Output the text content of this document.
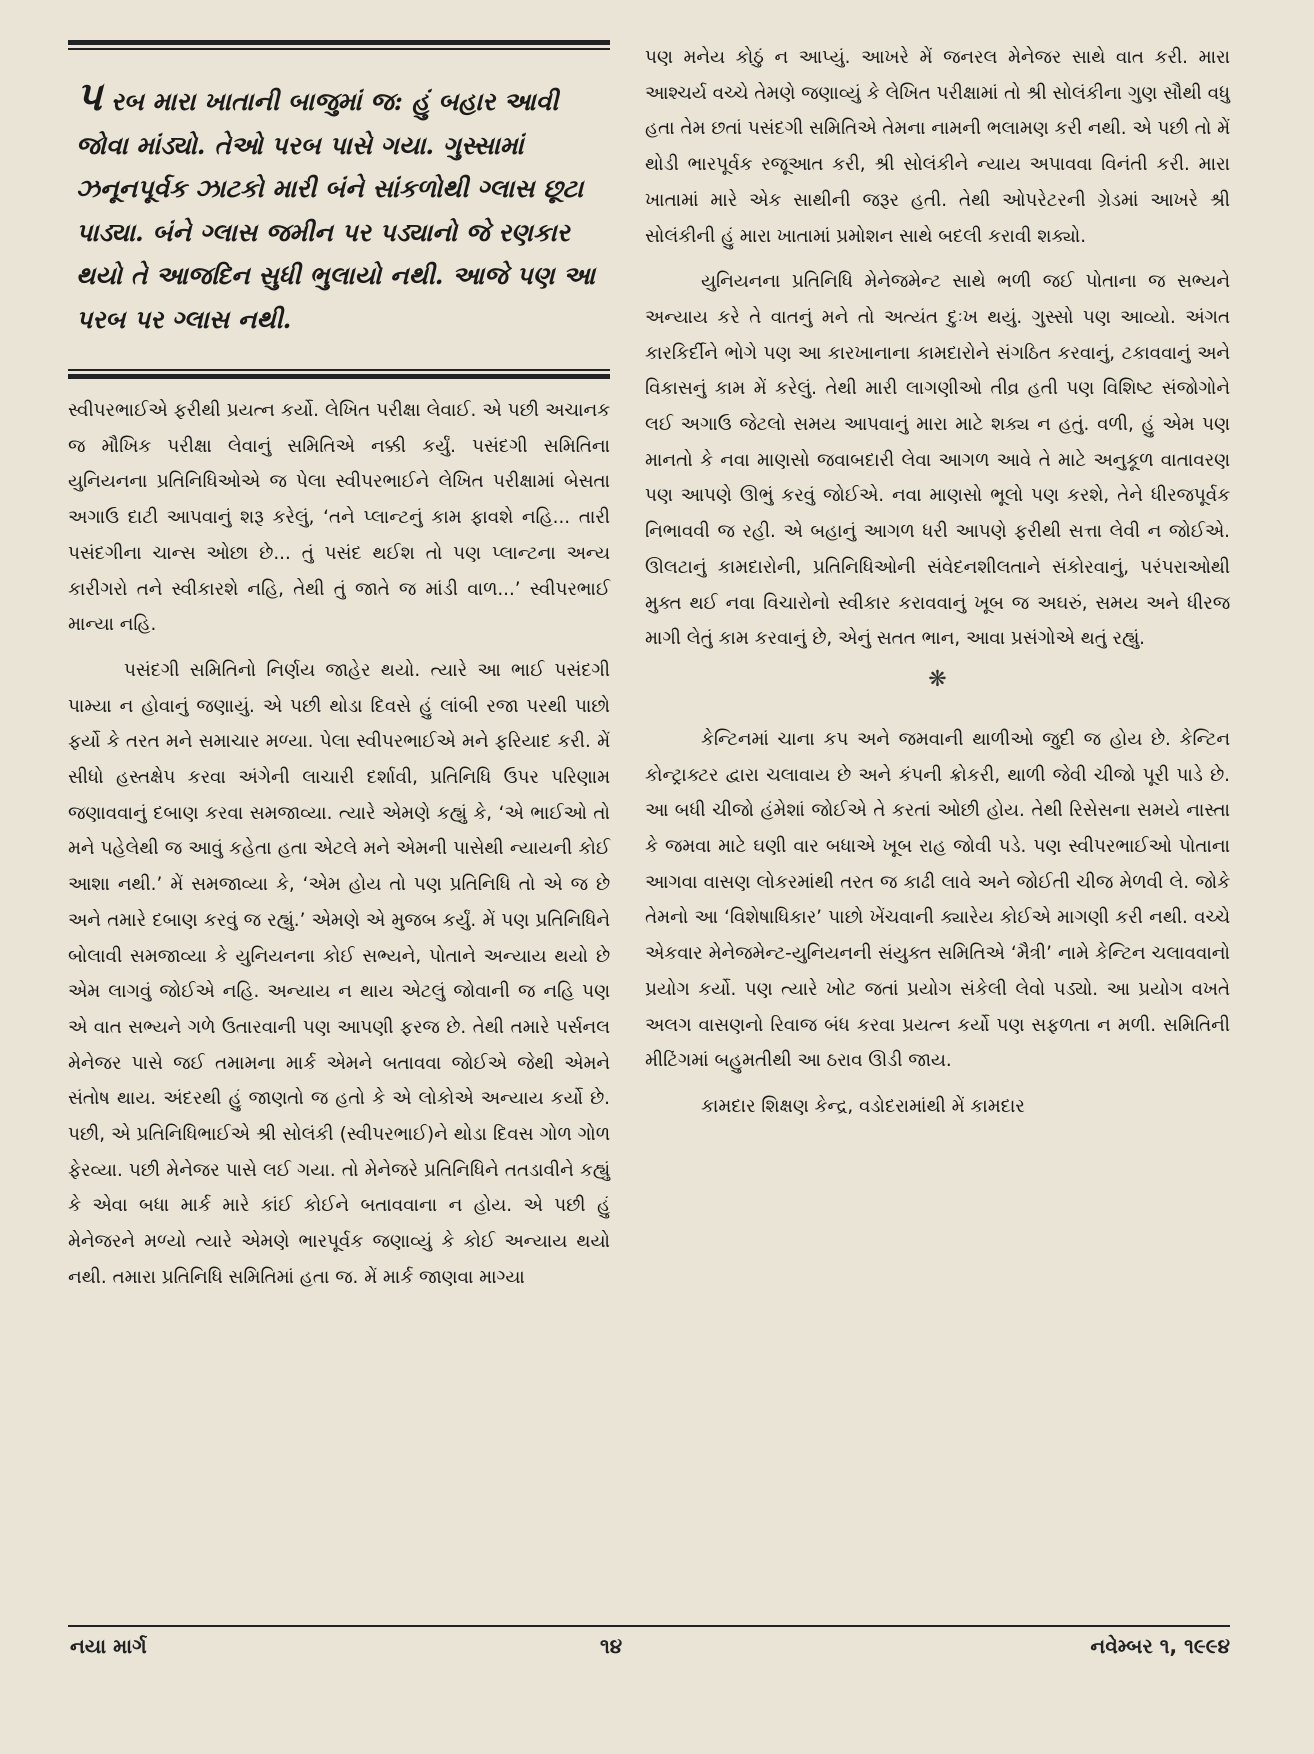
પ રબ મારા ખાતાની બાજુમાં જ: હું બહાર આવી જોવા માંડ્યો. તેઓ પરબ પાસે ગયા. ગુસ્સામાં ઝનૂનપૂર્વક ઝાટકો મારી બંને સાંકળોથી ગ્લાસ છૂટા પાડ્યા. બંને ગ્લાસ જમીન પર પડ્યાનો જે રણકાર થયો તે આજદિન સુધી ભુલાયો નથી. આજે પણ આ પરબ પર ગ્લાસ નથી.

સ્વીપરભાઈએ ફરીથી પ્રયત્ન કર્યો. લેખિત પરીક્ષા લેવાઈ. એ પછી અચાનક જ મૌખિક પરીક્ષા લેવાનું સમિતિએ નક્કી કર્યું. પસંદગી સમિતિના યુનિયનના પ્રતિનિધિઓએ જ પેલા સ્વીપરભાઈને લેખિત પરીક્ષામાં બેસતા અગાઉ દાટી આપવાનું શરૂ કરેલું, ‘તને પ્લાન્ટનું કામ ફાવશે નહિ... તારી પસંદગીના ચાન્સ ઓછા છે... તું પસંદ થઈશ તો પણ પ્લાન્ટના અન્ય કારીગરો તને સ્વીકારશે નહિ, તેથી તું જાતે જ માંડી વાળ...’ સ્વીપરભાઈ માન્યા નહિ.

પસંદગી સમિતિનો નિર્ણય જાહેર થયો. ત્યારે આ ભાઈ પસંદગી પામ્યા ન હોવાનું જણાયું. એ પછી થોડા દિવસે હું લાંબી રજા પરથી પાછો ફર્યો કે તરત મને સમાચાર મળ્યા. પેલા સ્વીપરભાઈએ મને ફરિયાદ કરી. મેં સીધો હસ્તક્ષેપ કરવા અંગેની લાચારી દર્શાવી, પ્રતિનિધિ ઉપર પરિણામ જણાવવાનું દબાણ કરવા સમજાવ્યા. ત્યારે એમણે કહ્યું કે, ‘એ ભાઈઓ તો મને પહેલેથી જ આવું કહેતા હતા એટલે મને એમની પાસેથી ન્યાયની કોઈ આશા નથી.’ મેં સમજાવ્યા કે, ‘એમ હોય તો પણ પ્રતિનિધિ તો એ જ છે અને તમારે દબાણ કરવું જ રહ્યું.’ એમણે એ મુજબ કર્યું. મેં પણ પ્રતિનિધિને બોલાવી સમજાવ્યા કે યુનિયનના કોઈ સભ્યને, પોતાને અન્યાય થયો છે એમ લાગવું જોઈએ નહિ. અન્યાય ન થાય એટલું જોવાની જ નહિ પણ એ વાત સભ્યને ગળે ઉતારવાની પણ આપણી ફરજ છે. તેથી તમારે પર્સનલ મેનેજર પાસે જઈ તમામના માર્ક એમને બતાવવા જોઈએ જેથી એમને સંતોષ થાય. અંદરથી હું જાણતો જ હતો કે એ લોકોએ અન્યાય કર્યો છે. પછી, એ પ્રતિનિધિભાઈએ શ્રી સોલંકી (સ્વીપરભાઈ)ને થોડા દિવસ ગોળ ગોળ ફેરવ્યા. પછી મેનેજર પાસે લઈ ગયા. તો મેનેજરે પ્રતિનિધિને તતડાવીને કહ્યું કે એવા બધા માર્ક મારે કાંઈ કોઈને બતાવવાના ન હોય. એ પછી હું મેનેજરને મળ્યો ત્યારે એમણે ભારપૂર્વક જણાવ્યું કે કોઈ અન્યાય થયો નથી. તમારા પ્રતિનિધિ સમિતિમાં હતા જ. મેં માર્ક જાણવા માગ્યા

પણ મનેય કોઠું ન આપ્યું. આખરે મેં જનરલ મેનેજર સાથે વાત કરી. મારા આશ્ચર્ય વચ્ચે તેમણે જણાવ્યું કે લેખિત પરીક્ષામાં તો શ્રી સોલંકીના ગુણ સૌથી વધુ હતા તેમ છતાં પસંદગી સમિતિએ તેમના નામની ભલામણ કરી નથી. એ પછી તો મેં થોડી ભારપૂર્વક રજૂઆત કરી, શ્રી સોલંકીને ન્યાય અપાવવા વિનંતી કરી. મારા ખાતામાં મારે એક સાથીની જરૂર હતી. તેથી ઓપરેટરની ગ્રેડમાં આખરે શ્રી સોલંકીની હું મારા ખાતામાં પ્રમોશન સાથે બદલી કરાવી શક્યો.

યુનિયનના પ્રતિનિધિ મેનેજમેન્ટ સાથે ભળી જઈ પોતાના જ સભ્યને અન્યાય કરે તે વાતનું મને તો અત્યંત દુઃખ થયું. ગુસ્સો પણ આવ્યો. અંગત કારકિર્દીને ભોગે પણ આ કારખાનાના કામદારોને સંગઠિત કરવાનું, ટકાવવાનું અને વિકાસનું કામ મેં કરેલું. તેથી મારી લાગણીઓ તીવ્ર હતી પણ વિશિષ્ટ સંજોગોને લઈ અગાઉ જેટલો સમય આપવાનું મારા માટે શક્ય ન હતું. વળી, હું એમ પણ માનતો કે નવા માણસો જવાબદારી લેવા આગળ આવે તે માટે અનુકૂળ વાતાવરણ પણ આપણે ઊભું કરવું જોઈએ. નવા માણસો ભૂલો પણ કરશે, તેને ધીરજપૂર્વક નિભાવવી જ રહી. એ બહાનું આગળ ધરી આપણે ફરીથી સત્તા લેવી ન જોઈએ. ઊલટાનું કામદારોની, પ્રતિનિધિઓની સંવેદનશીલતાને સંકોરવાનું, પરંપરાઓથી મુક્ત થઈ નવા વિચારોનો સ્વીકાર કરાવવાનું ખૂબ જ અઘરું, સમય અને ધીરજ માગી લેતું કામ કરવાનું છે, એનું સતત ભાન, આવા પ્રસંગોએ થતું રહ્યું.

❋

કેન્ટિનમાં ચાના કપ અને જમવાની થાળીઓ જુદી જ હોય છે. કેન્ટિન કોન્ટ્રાક્ટર દ્વારા ચલાવાય છે અને કંપની ક્રોકરી, થાળી જેવી ચીજો પૂરી પાડે છે. આ બધી ચીજો હંમેશાં જોઈએ તે કરતાં ઓછી હોય. તેથી રિસેસના સમયે નાસ્તા કે જમવા માટે ઘણી વાર બધાએ ખૂબ રાહ જોવી પડે. પણ સ્વીપરભાઈઓ પોતાના આગવા વાસણ લોકરમાંથી તરત જ કાઢી લાવે અને જોઈતી ચીજ મેળવી લે. જોકે તેમનો આ ‘વિશેષાધિકાર’ પાછો ખેંચવાની ક્યારેય કોઈએ માગણી કરી નથી. વચ્ચે એકવાર મેનેજમેન્ટ-યુનિયનની સંયુક્ત સમિતિએ ‘મૈત્રી’ નામે કેન્ટિન ચલાવવાનો પ્રયોગ કર્યો. પણ ત્યારે ખોટ જતાં પ્રયોગ સંકેલી લેવો પડ્યો. આ પ્રયોગ વખતે અલગ વાસણનો રિવાજ બંધ કરવા પ્રયત્ન કર્યો પણ સફળતા ન મળી. સમિતિની મીટિંગમાં બહુમતીથી આ ઠરાવ ઊડી જાય.

કામદાર શિક્ષણ કેન્દ્ર, વડોદરામાંથી મેં કામદાર

નયા માર્ગ	૧૪	નવેમ્બર ૧, ૧૯૯૪
